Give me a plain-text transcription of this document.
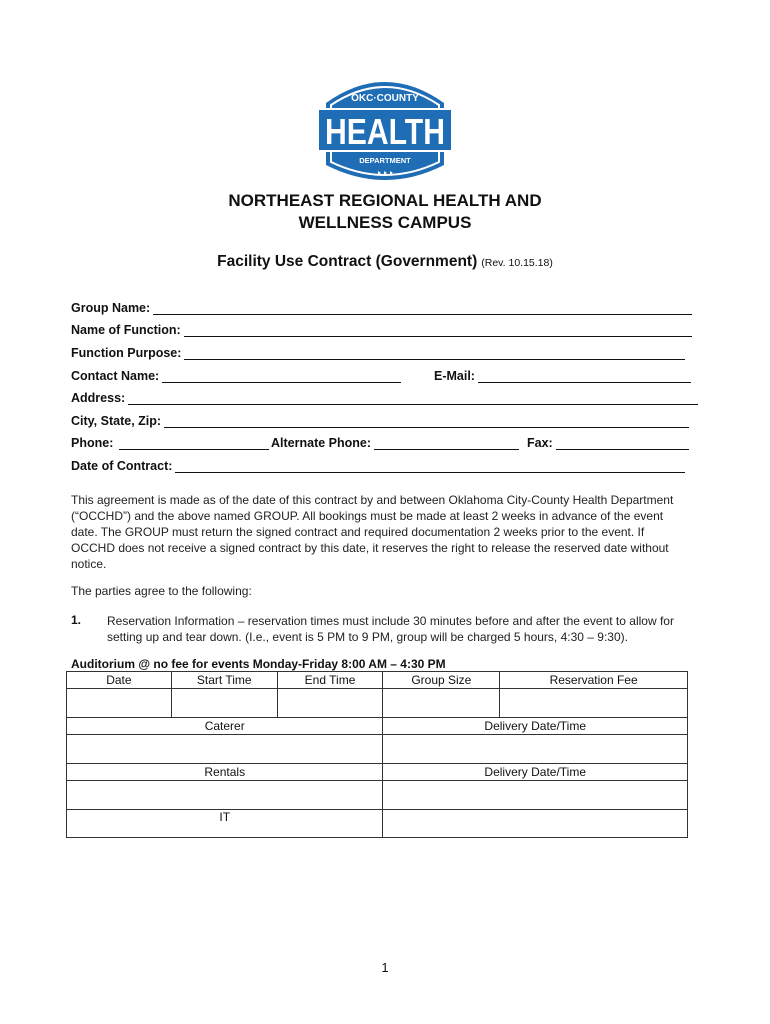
OKC·COUNTY
HEALTH
DEPARTMENT
NORTHEAST REGIONAL HEALTH AND
WELLNESS CAMPUS
Facility Use Contract (Government) (Rev. 10.15.18)
Group Name:
Name of Function:
Function Purpose:
Contact Name:	E-Mail:
Address:
City, State, Zip:
Phone:	Alternate Phone:	Fax:
Date of Contract:
This agreement is made as of the date of this contract by and between Oklahoma City-County Health Department (“OCCHD”) and the above named GROUP. All bookings must be made at least 2 weeks in advance of the event date. The GROUP must return the signed contract and required documentation 2 weeks prior to the event. If OCCHD does not receive a signed contract by this date, it reserves the right to release the reserved date without notice.
The parties agree to the following:
1. Reservation Information – reservation times must include 30 minutes before and after the event to allow for setting up and tear down. (I.e., event is 5 PM to 9 PM, group will be charged 5 hours, 4:30 – 9:30).
Auditorium @ no fee for events Monday-Friday 8:00 AM – 4:30 PM
Date	Start Time	End Time	Group Size	Reservation Fee

Caterer			Delivery Date/Time	

Rentals			Delivery Date/Time	

IT				
1
